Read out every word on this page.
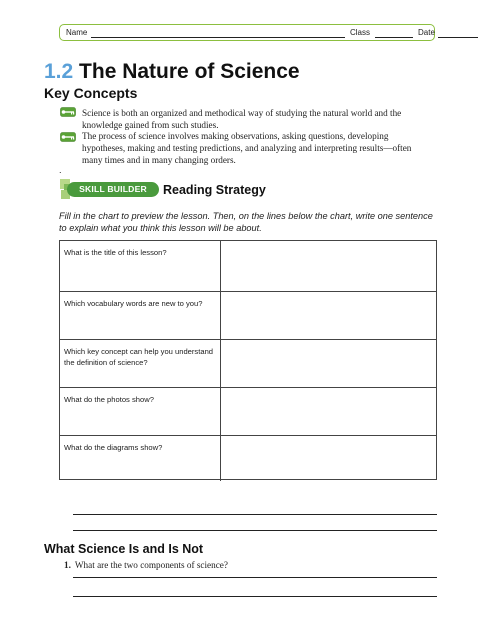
Name	Class	Date
1.2 The Nature of Science
Key Concepts
Science is both an organized and methodical way of studying the natural world and the knowledge gained from such studies.
The process of science involves making observations, asking questions, developing hypotheses, making and testing predictions, and analyzing and interpreting results—often many times and in many changing orders.
.
SKILL BUILDER	Reading Strategy
Fill in the chart to preview the lesson. Then, on the lines below the chart, write one sentence to explain what you think this lesson will be about.
What is the title of this lesson?
Which vocabulary words are new to you?
Which key concept can help you understand the definition of science?
What do the photos show?
What do the diagrams show?
What Science Is and Is Not
1. What are the two components of science?
